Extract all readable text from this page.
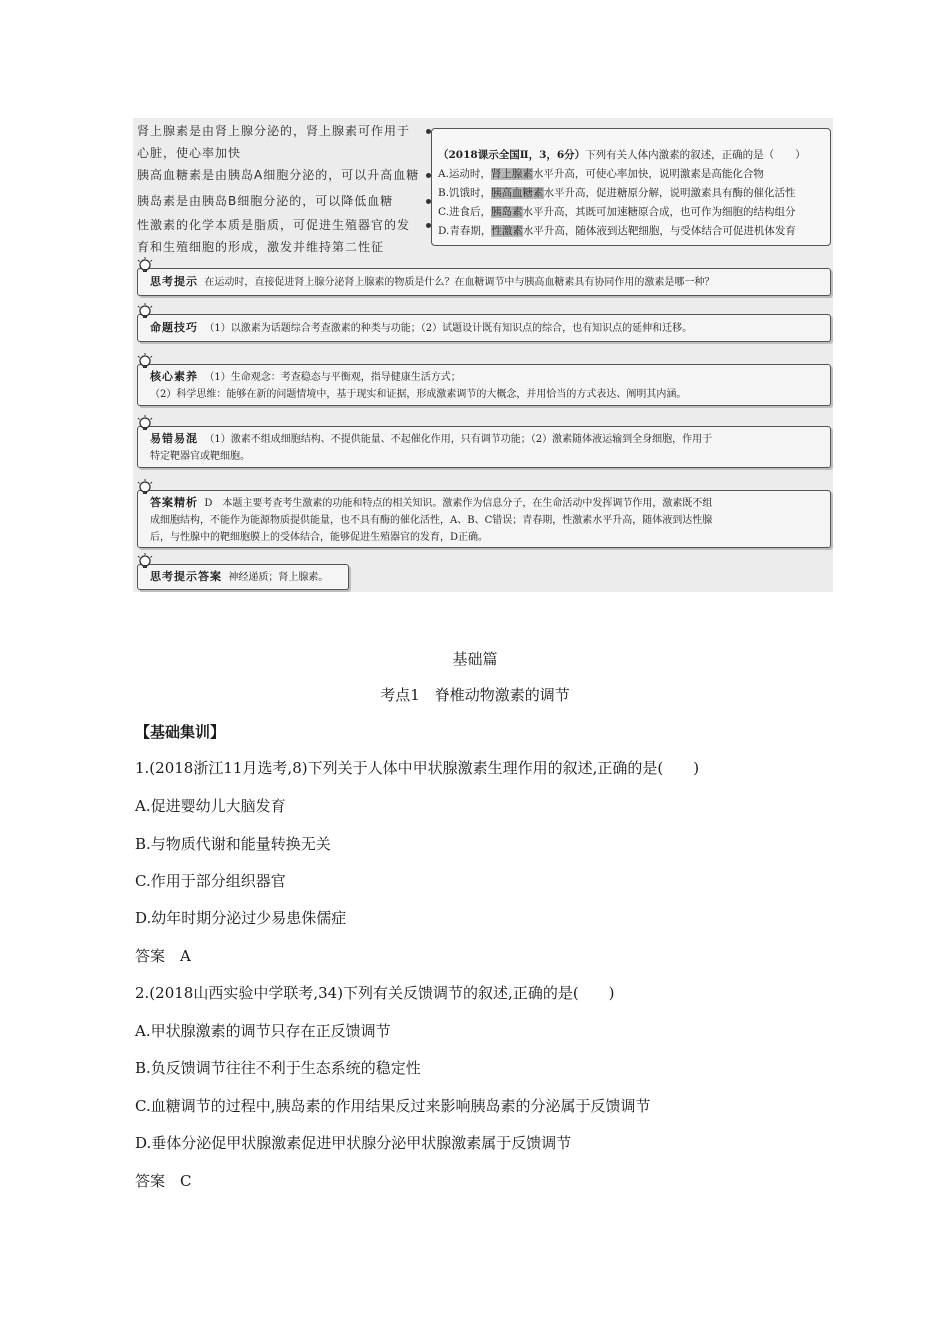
肾上腺素是由肾上腺分泌的，肾上腺素可作用于心脏，使心率加快
胰高血糖素是由胰岛A细胞分泌的，可以升高血糖
胰岛素是由胰岛B细胞分泌的，可以降低血糖
性激素的化学本质是脂质，可促进生殖器官的发育和生殖细胞的形成，激发并维持第二性征
（2018课示全国Ⅱ，3，6分）下列有关人体内激素的叙述，正确的是（　　）
A.运动时，肾上腺素水平升高，可使心率加快，说明激素是高能化合物
B.饥饿时，胰高血糖素水平升高，促进糖原分解，说明激素具有酶的催化活性
C.进食后，胰岛素水平升高，其既可加速糖原合成，也可作为细胞的结构组分
D.青春期，性激素水平升高，随体液到达靶细胞，与受体结合可促进机体发育
思考提示 在运动时，直接促进肾上腺分泌肾上腺素的物质是什么？在血糖调节中与胰高血糖素具有协同作用的激素是哪一种？
命题技巧 （1）以激素为话题综合考查激素的种类与功能；（2）试题设计既有知识点的综合，也有知识点的延伸和迁移。
核心素养 （1）生命观念：考查稳态与平衡观，指导健康生活方式；
（2）科学思维：能够在新的问题情境中，基于现实和证据，形成激素调节的大概念，并用恰当的方式表达、阐明其内涵。
易错易混 （1）激素不组成细胞结构、不提供能量、不起催化作用，只有调节功能；（2）激素随体液运输到全身细胞，作用于
特定靶器官或靶细胞。
答案精析 D　本题主要考查考生激素的功能和特点的相关知识。激素作为信息分子，在生命活动中发挥调节作用，激素既不组
成细胞结构，不能作为能源物质提供能量，也不具有酶的催化活性，A、B、C错误；青春期，性激素水平升高，随体液到达性腺
后，与性腺中的靶细胞膜上的受体结合，能够促进生殖器官的发育，D正确。
思考提示答案 神经递质；肾上腺素。
基础篇
考点1　脊椎动物激素的调节
【基础集训】
1.(2018浙江11月选考,8)下列关于人体中甲状腺激素生理作用的叙述,正确的是(　　)
A.促进婴幼儿大脑发育
B.与物质代谢和能量转换无关
C.作用于部分组织器官
D.幼年时期分泌过少易患侏儒症
答案　A
2.(2018山西实验中学联考,34)下列有关反馈调节的叙述,正确的是(　　)
A.甲状腺激素的调节只存在正反馈调节
B.负反馈调节往往不利于生态系统的稳定性
C.血糖调节的过程中,胰岛素的作用结果反过来影响胰岛素的分泌属于反馈调节
D.垂体分泌促甲状腺激素促进甲状腺分泌甲状腺激素属于反馈调节
答案　C
